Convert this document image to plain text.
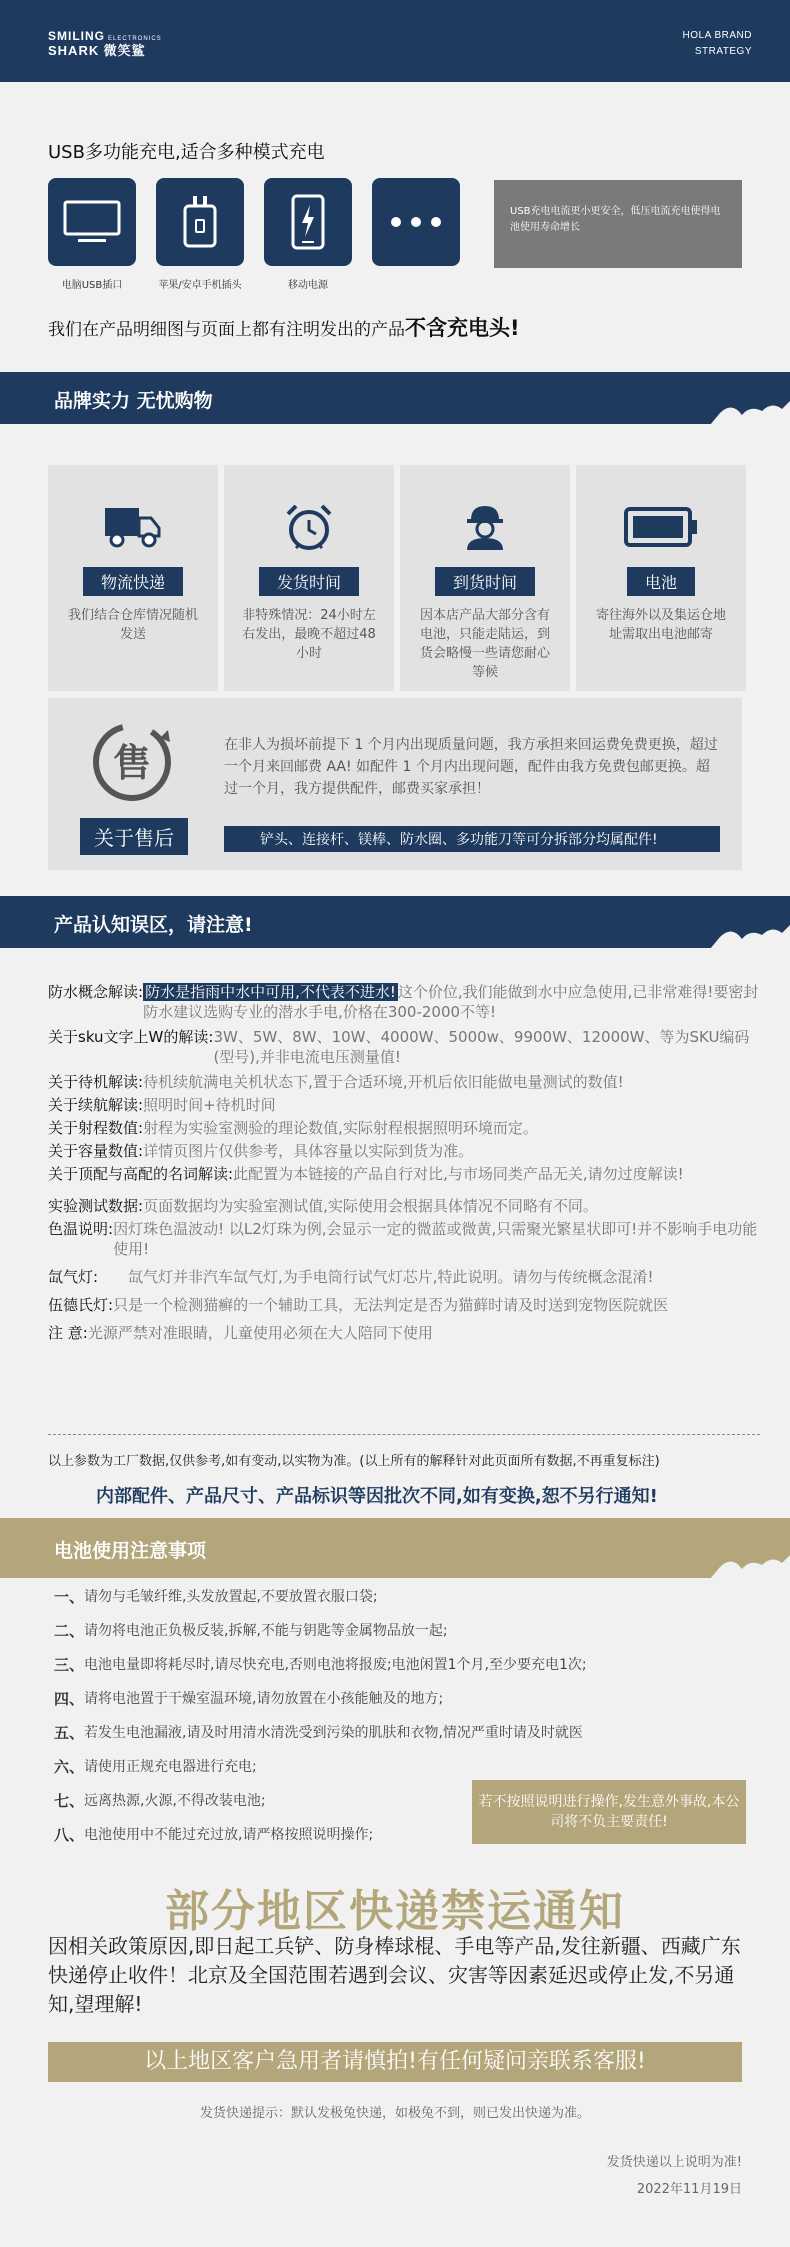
SMILING ELECTRONICS
SHARK 微笑鲨
HOLA BRAND
STRATEGY
USB多功能充电,适合多种模式充电
电脑USB插口	苹果/安卓手机插头	移动电源
USB充电电流更小更安全，低压电流充电使得电池使用寿命增长
我们在产品明细图与页面上都有注明发出的产品不含充电头!
品牌实力 无忧购物
物流快递
我们结合仓库情况随机发送
发货时间
非特殊情况：24小时左右发出，最晚不超过48小时
到货时间
因本店产品大部分含有电池，只能走陆运，到货会略慢一些请您耐心等候
电池
寄往海外以及集运仓地址需取出电池邮寄
售
关于售后
在非人为损坏前提下 1 个月内出现质量问题，我方承担来回运费免费更换，超过一个月来回邮费 AA! 如配件 1 个月内出现问题，配件由我方免费包邮更换。超过一个月，我方提供配件，邮费买家承担！
铲头、连接杆、镁棒、防水圈、多功能刀等可分拆部分均属配件!
产品认知误区，请注意!
防水概念解读: 防水是指雨中水中可用,不代表不进水! 这个价位,我们能做到水中应急使用,已非常难得!要密封防水建议选购专业的潜水手电,价格在300-2000不等!
关于sku文字上W的解读: 3W、5W、8W、10W、4000W、5000w、9900W、12000W、等为SKU编码(型号),并非电流电压测量值!
关于待机解读: 待机续航满电关机状态下,置于合适环境,开机后依旧能做电量测试的数值!
关于续航解读: 照明时间+待机时间
关于射程数值: 射程为实验室测验的理论数值,实际射程根据照明环境而定。
关于容量数值: 详情页图片仅供参考，具体容量以实际到货为准。
关于顶配与高配的名词解读: 此配置为本链接的产品自行对比,与市场同类产品无关,请勿过度解读!
实验测试数据: 页面数据均为实验室测试值,实际使用会根据具体情况不同略有不同。
色温说明: 因灯珠色温波动! 以L2灯珠为例,会显示一定的微蓝或微黄,只需聚光繁星状即可!并不影响手电功能使用!
氙气灯:	氙气灯并非汽车氙气灯,为手电筒行试气灯芯片,特此说明。请勿与传统概念混淆!
伍德氏灯: 只是一个检测猫癣的一个辅助工具，无法判定是否为猫藓时请及时送到宠物医院就医
注 意: 光源严禁对准眼睛，儿童使用必须在大人陪同下使用
以上参数为工厂数据,仅供参考,如有变动,以实物为准。(以上所有的解释针对此页面所有数据,不再重复标注)
内部配件、产品尺寸、产品标识等因批次不同,如有变换,恕不另行通知!
电池使用注意事项
一、 请勿与毛皱纤维,头发放置起,不要放置衣服口袋;
二、 请勿将电池正负极反装,拆解,不能与钥匙等金属物品放一起;
三、 电池电量即将耗尽时,请尽快充电,否则电池将报废;电池闲置1个月,至少要充电1次;
四、 请将电池置于干燥室温环境,请勿放置在小孩能触及的地方;
五、 若发生电池漏液,请及时用清水清洗受到污染的肌肤和衣物,情况严重时请及时就医
六、 请使用正规充电器进行充电;
七、 远离热源,火源,不得改装电池;
八、 电池使用中不能过充过放,请严格按照说明操作;
若不按照说明进行操作,发生意外事故,本公司将不负主要责任!
部分地区快递禁运通知
因相关政策原因,即日起工兵铲、防身棒球棍、手电等产品,发往新疆、西藏广东快递停止收件！北京及全国范围若遇到会议、灾害等因素延迟或停止发,不另通知,望理解!
以上地区客户急用者请慎拍!有任何疑问亲联系客服!
发货快递提示：默认发极兔快递，如极兔不到，则已发出快递为准。
发货快递以上说明为准!
2022年11月19日
